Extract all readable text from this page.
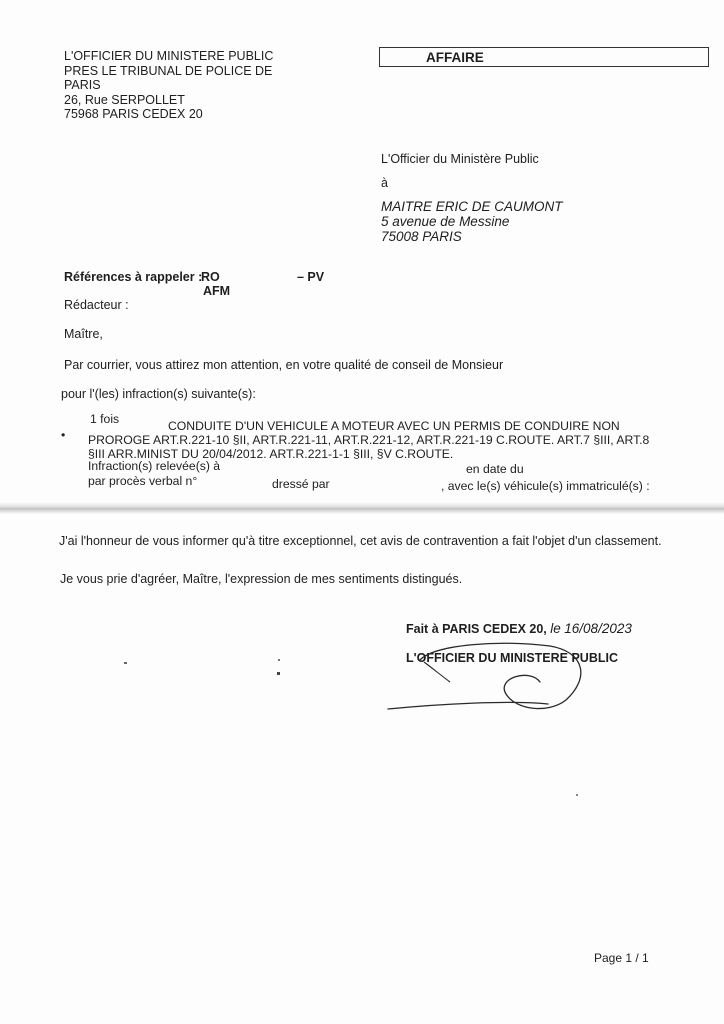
L'OFFICIER DU MINISTERE PUBLIC
PRES LE TRIBUNAL DE POLICE DE
PARIS
26, Rue SERPOLLET
75968 PARIS CEDEX 20
AFFAIRE
L'Officier du Ministère Public
à
MAITRE ERIC DE CAUMONT
5 avenue de Messine
75008 PARIS
Références à rappeler :
RO	– PV
AFM
Rédacteur :
Maître,
Par courrier, vous attirez mon attention, en votre qualité de conseil de Monsieur
pour l'(les) infraction(s) suivante(s):
•
1 fois	CONDUITE D'UN VEHICULE A MOTEUR AVEC UN PERMIS DE CONDUIRE NON
PROROGE ART.R.221-10 §II, ART.R.221-11, ART.R.221-12, ART.R.221-19 C.ROUTE. ART.7 §III, ART.8
§III ARR.MINIST DU 20/04/2012. ART.R.221-1-1 §III, §V C.ROUTE.
Infraction(s) relevée(s) à	en date du
par procès verbal n°	dressé par	, avec le(s) véhicule(s) immatriculé(s) :
J'ai l'honneur de vous informer qu'à titre exceptionnel, cet avis de contravention a fait l'objet d'un classement.
Je vous prie d'agréer, Maître, l'expression de mes sentiments distingués.
Fait à PARIS CEDEX 20, le 16/08/2023
L'OFFICIER DU MINISTERE PUBLIC
Page 1 / 1
